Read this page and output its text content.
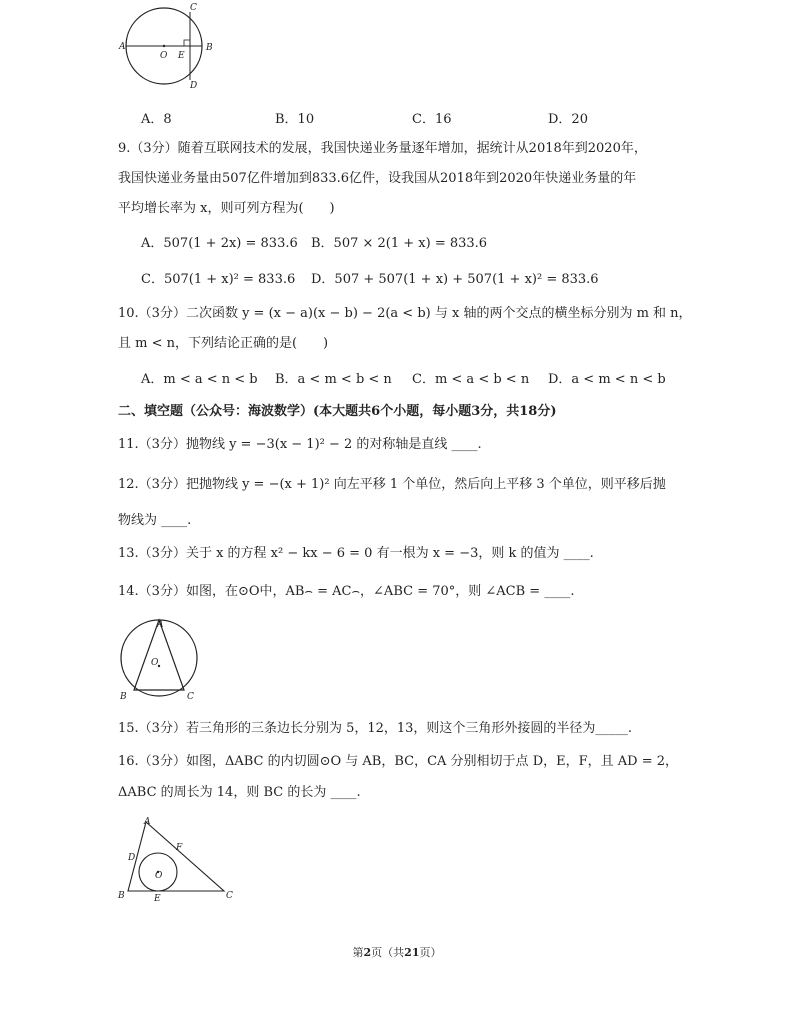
A	B
C
D
E
O
A．8	B．10	C．16	D．20
9.（3分）随着互联网技术的发展，我国快递业务量逐年增加，据统计从2018年到2020年，
我国快递业务量由507亿件增加到833.6亿件，设我国从2018年到2020年快递业务量的年
平均增长率为 x，则可列方程为(　　)
A．507(1 + 2x) = 833.6 B．507 × 2(1 + x) = 833.6
C．507(1 + x)² = 833.6 D．507 + 507(1 + x) + 507(1 + x)² = 833.6
10.（3分）二次函数 y = (x − a)(x − b) − 2(a < b) 与 x 轴的两个交点的横坐标分别为 m 和 n，
且 m < n，下列结论正确的是(　　)
A．m < a < n < b B．a < m < b < n C．m < a < b < n D．a < m < n < b
二、填空题（公众号：海波数学）(本大题共6个小题，每小题3分，共18分)
11.（3分）抛物线 y = −3(x − 1)² − 2 的对称轴是直线 ____.
12.（3分）把抛物线 y = −(x + 1)² 向左平移 1 个单位，然后向上平移 3 个单位，则平移后抛
物线为 ____.
13.（3分）关于 x 的方程 x² − kx − 6 = 0 有一根为 x = −3，则 k 的值为 ____.
14.（3分）如图，在⊙O中，AB⌢ = AC⌢，∠ABC = 70°，则 ∠ACB = ____.
A
B	C
O
15.（3分）若三角形的三条边长分别为 5，12，13，则这个三角形外接圆的半径为_____.
16.（3分）如图，ΔABC 的内切圆⊙O 与 AB，BC，CA 分别相切于点 D，E，F，且 AD = 2，
ΔABC 的周长为 14，则 BC 的长为 ____.
A
B	C
D
E
F
O
第2页（共21页）
